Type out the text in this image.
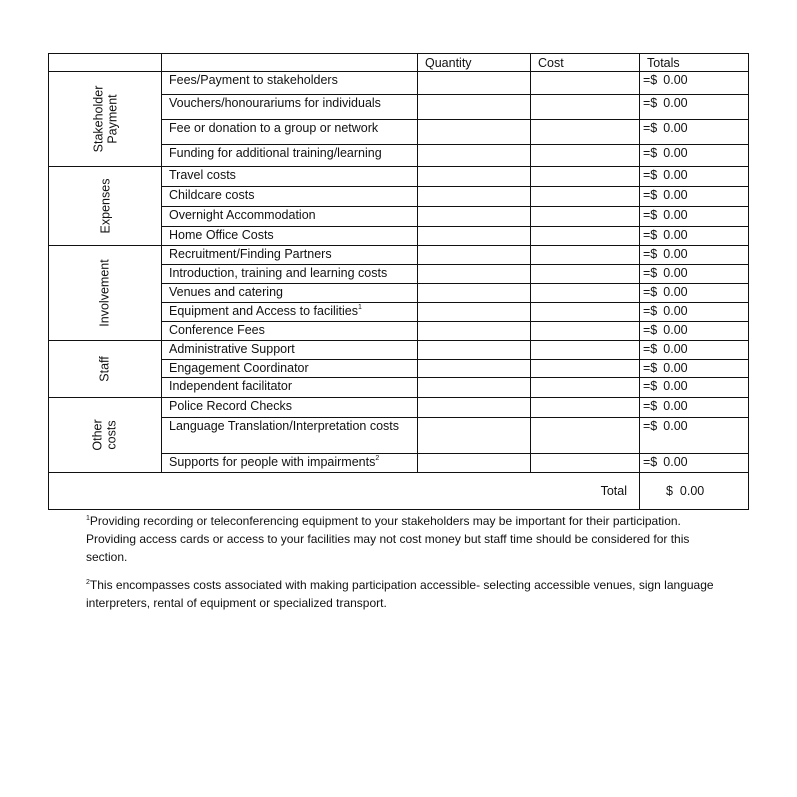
		Quantity	Cost	Totals

Stakeholder
Payment	Fees/Payment to stakeholders			=$ 0.00
	Vouchers/honourariums for individuals			=$ 0.00
	Fee or donation to a group or network			=$ 0.00
	Funding for additional training/learning			=$ 0.00

Expenses	Travel costs			=$ 0.00
	Childcare costs			=$ 0.00
	Overnight Accommodation			=$ 0.00
	Home Office Costs			=$ 0.00

Involvement	Recruitment/Finding Partners			=$ 0.00
	Introduction, training and learning costs			=$ 0.00
	Venues and catering			=$ 0.00
	Equipment and Access to facilities$^1$			=$ 0.00
	Conference Fees			=$ 0.00

Staff	Administrative Support			=$ 0.00
	Engagement Coordinator			=$ 0.00
	Independent facilitator			=$ 0.00

Other
costs	Police Record Checks			=$ 0.00
	Language Translation/Interpretation costs			=$ 0.00
	Supports for people with impairments$^2$			=$ 0.00
Total				$  0.00
$^1$Providing recording or teleconferencing equipment to your stakeholders may be important for their participation. Providing access cards or access to your facilities may not cost money but staff time should be considered for this section.
$^2$This encompasses costs associated with making participation accessible- selecting accessible venues, sign language interpreters, rental of equipment or specialized transport.
